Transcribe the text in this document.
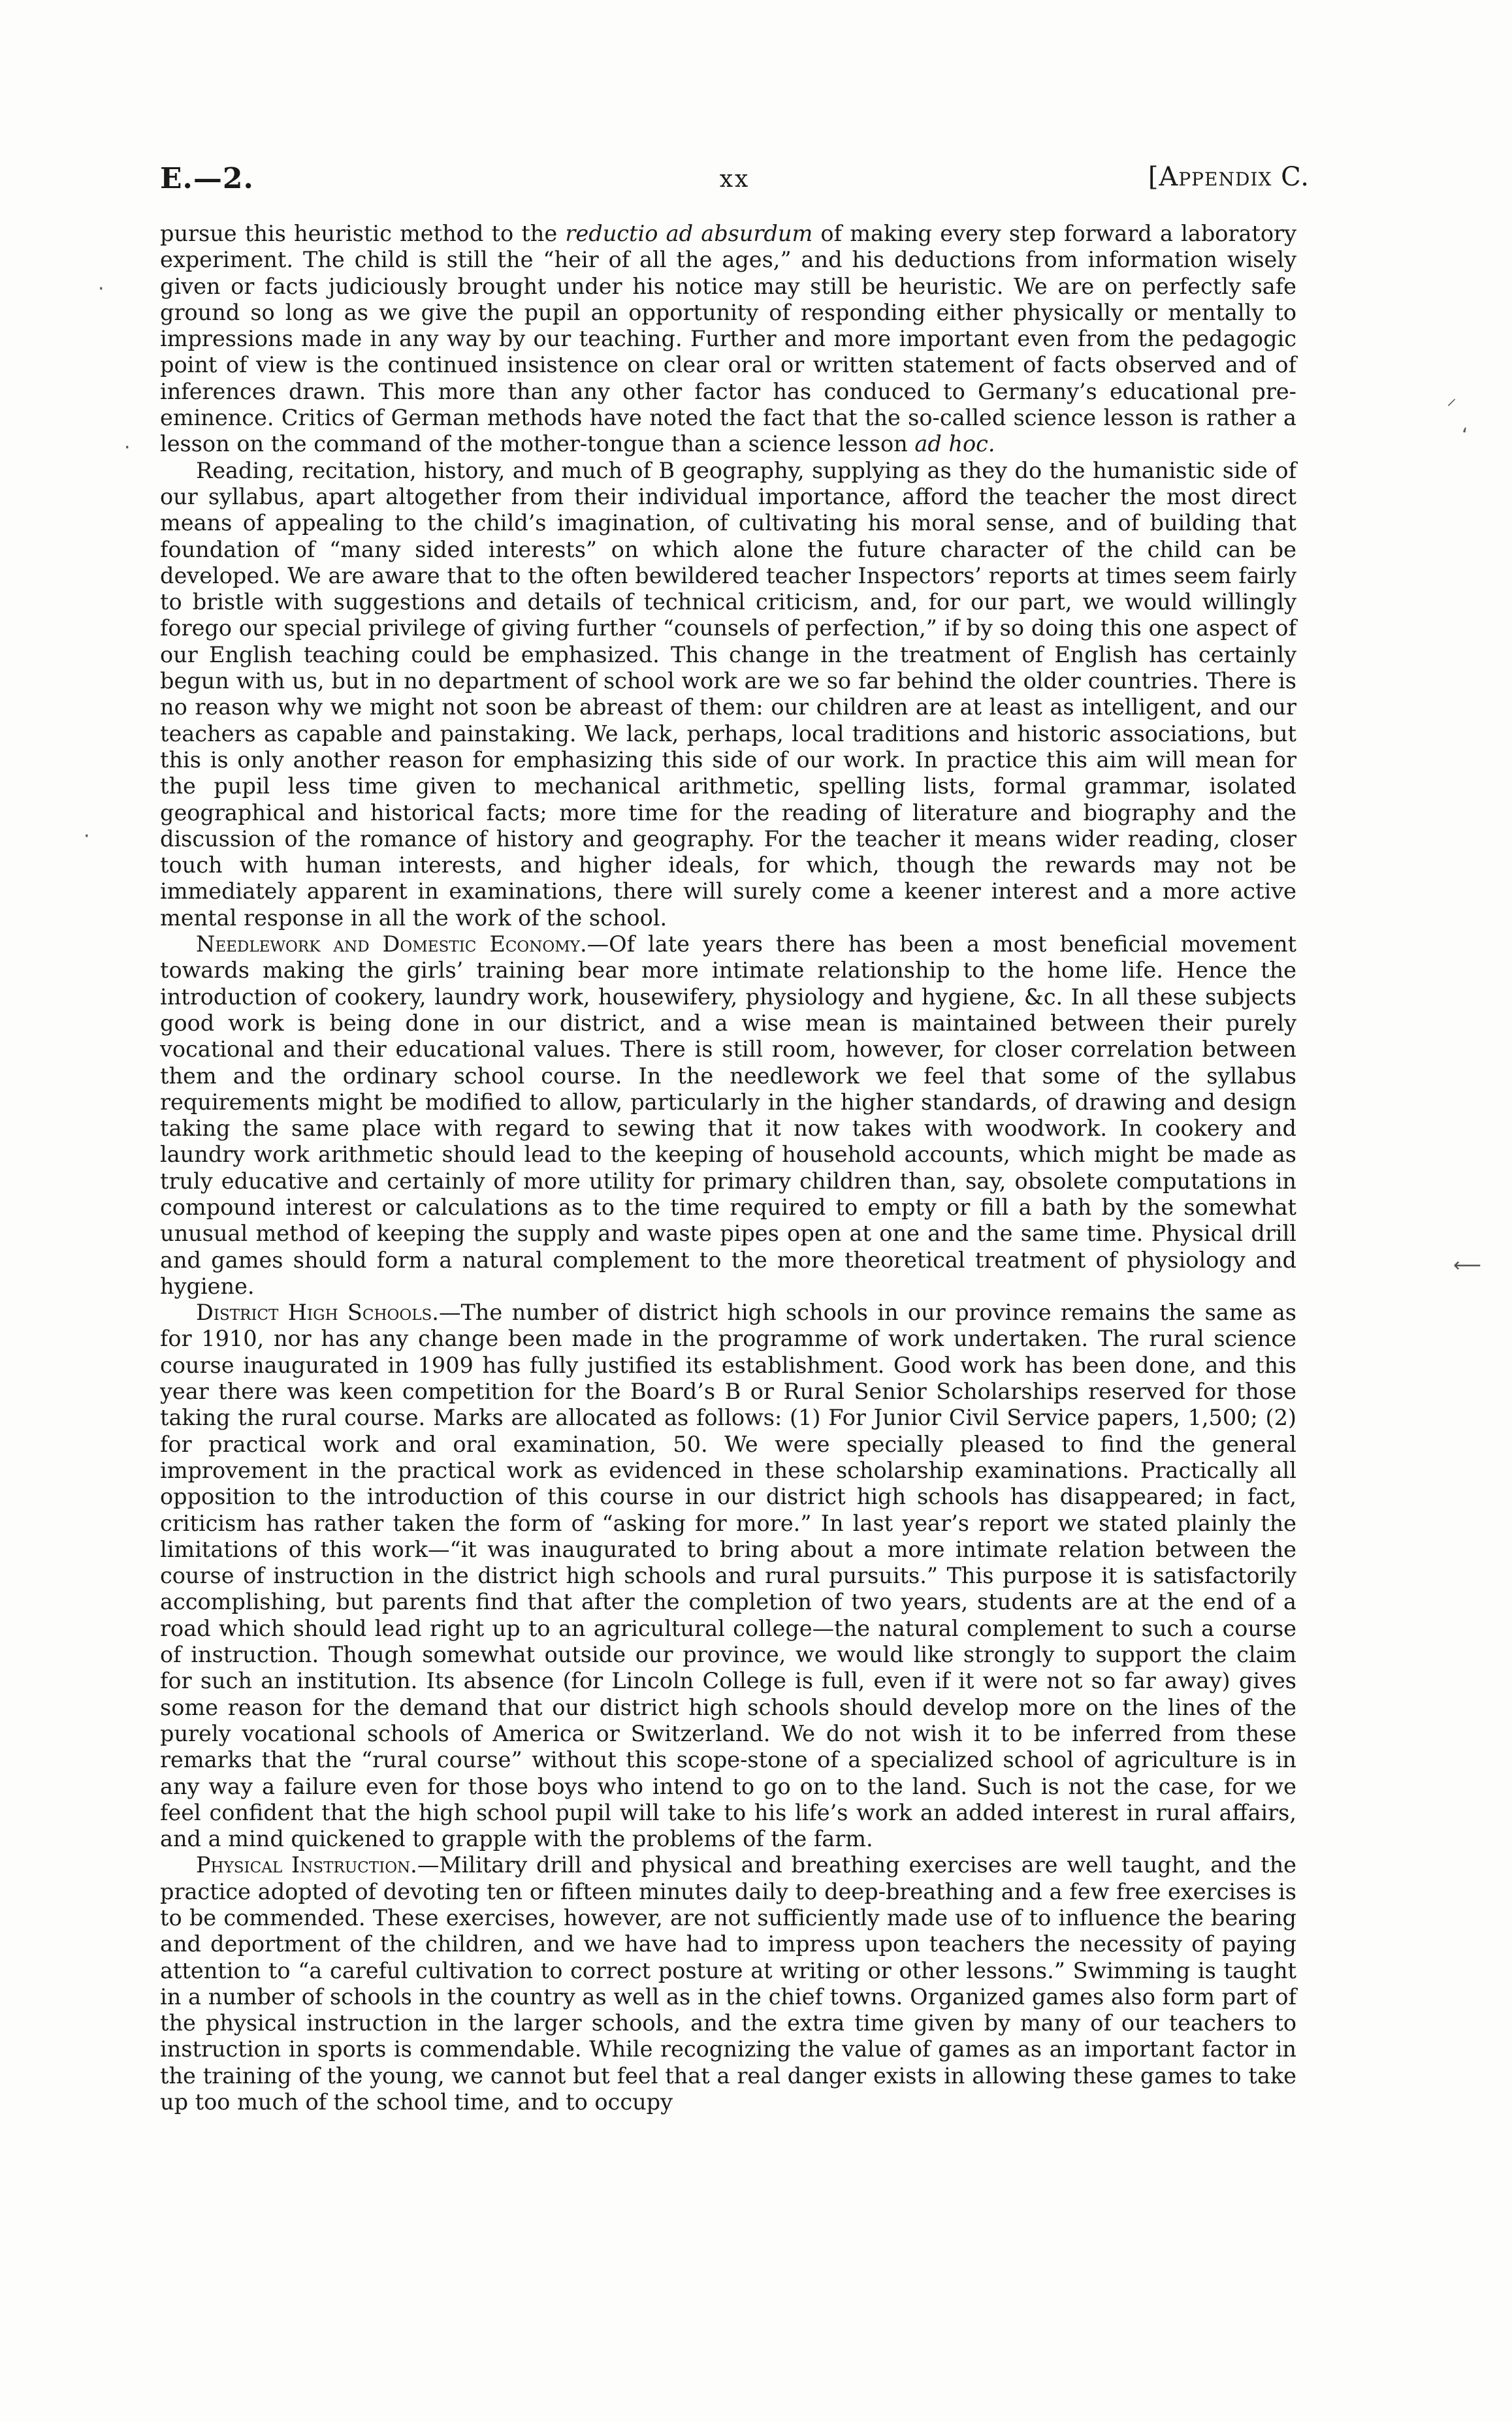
E.—2.	xx	[Appendix C.

pursue this heuristic method to the reductio ad absurdum of making every step forward a laboratory experiment. The child is still the “heir of all the ages,” and his deductions from information wisely given or facts judiciously brought under his notice may still be heuristic. We are on perfectly safe ground so long as we give the pupil an opportunity of responding either physically or mentally to impressions made in any way by our teaching. Further and more important even from the pedagogic point of view is the continued insistence on clear oral or written statement of facts observed and of inferences drawn. This more than any other factor has conduced to Germany’s educational pre-eminence. Critics of German methods have noted the fact that the so-called science lesson is rather a lesson on the command of the mother-tongue than a science lesson ad hoc.

Reading, recitation, history, and much of B geography, supplying as they do the humanistic side of our syllabus, apart altogether from their individual importance, afford the teacher the most direct means of appealing to the child’s imagination, of cultivating his moral sense, and of building that foundation of “many sided interests” on which alone the future character of the child can be developed. We are aware that to the often bewildered teacher Inspectors’ reports at times seem fairly to bristle with suggestions and details of technical criticism, and, for our part, we would willingly forego our special privilege of giving further “counsels of perfection,” if by so doing this one aspect of our English teaching could be emphasized. This change in the treatment of English has certainly begun with us, but in no department of school work are we so far behind the older countries. There is no reason why we might not soon be abreast of them: our children are at least as intelligent, and our teachers as capable and painstaking. We lack, perhaps, local traditions and historic associations, but this is only another reason for emphasizing this side of our work. In practice this aim will mean for the pupil less time given to mechanical arithmetic, spelling lists, formal grammar, isolated geographical and historical facts; more time for the reading of literature and biography and the discussion of the romance of history and geography. For the teacher it means wider reading, closer touch with human interests, and higher ideals, for which, though the rewards may not be immediately apparent in examinations, there will surely come a keener interest and a more active mental response in all the work of the school.

Needlework and Domestic Economy.—Of late years there has been a most beneficial movement towards making the girls’ training bear more intimate relationship to the home life. Hence the introduction of cookery, laundry work, housewifery, physiology and hygiene, &c. In all these subjects good work is being done in our district, and a wise mean is maintained between their purely vocational and their educational values. There is still room, however, for closer correlation between them and the ordinary school course. In the needlework we feel that some of the syllabus requirements might be modified to allow, particularly in the higher standards, of drawing and design taking the same place with regard to sewing that it now takes with woodwork. In cookery and laundry work arithmetic should lead to the keeping of household accounts, which might be made as truly educative and certainly of more utility for primary children than, say, obsolete computations in compound interest or calculations as to the time required to empty or fill a bath by the somewhat unusual method of keeping the supply and waste pipes open at one and the same time. Physical drill and games should form a natural complement to the more theoretical treatment of physiology and hygiene.

District High Schools.—The number of district high schools in our province remains the same as for 1910, nor has any change been made in the programme of work undertaken. The rural science course inaugurated in 1909 has fully justified its establishment. Good work has been done, and this year there was keen competition for the Board’s B or Rural Senior Scholarships reserved for those taking the rural course. Marks are allocated as follows: (1) For Junior Civil Service papers, 1,500; (2) for practical work and oral examination, 50. We were specially pleased to find the general improvement in the practical work as evidenced in these scholarship examinations. Practically all opposition to the introduction of this course in our district high schools has disappeared; in fact, criticism has rather taken the form of “asking for more.” In last year’s report we stated plainly the limitations of this work—“it was inaugurated to bring about a more intimate relation between the course of instruction in the district high schools and rural pursuits.” This purpose it is satisfactorily accomplishing, but parents find that after the completion of two years, students are at the end of a road which should lead right up to an agricultural college—the natural complement to such a course of instruction. Though somewhat outside our province, we would like strongly to support the claim for such an institution. Its absence (for Lincoln College is full, even if it were not so far away) gives some reason for the demand that our district high schools should develop more on the lines of the purely vocational schools of America or Switzerland. We do not wish it to be inferred from these remarks that the “rural course” without this scope-stone of a specialized school of agriculture is in any way a failure even for those boys who intend to go on to the land. Such is not the case, for we feel confident that the high school pupil will take to his life’s work an added interest in rural affairs, and a mind quickened to grapple with the problems of the farm.

Physical Instruction.—Military drill and physical and breathing exercises are well taught, and the practice adopted of devoting ten or fifteen minutes daily to deep-breathing and a few free exercises is to be commended. These exercises, however, are not sufficiently made use of to influence the bearing and deportment of the children, and we have had to impress upon teachers the necessity of paying attention to “a careful cultivation to correct posture at writing or other lessons.” Swimming is taught in a number of schools in the country as well as in the chief towns. Organized games also form part of the physical instruction in the larger schools, and the extra time given by many of our teachers to instruction in sports is commendable. While recognizing the value of games as an important factor in the training of the young, we cannot but feel that a real danger exists in allowing these games to take up too much of the school time, and to occupy

·
⸍
ʻ
·
·
⟵
